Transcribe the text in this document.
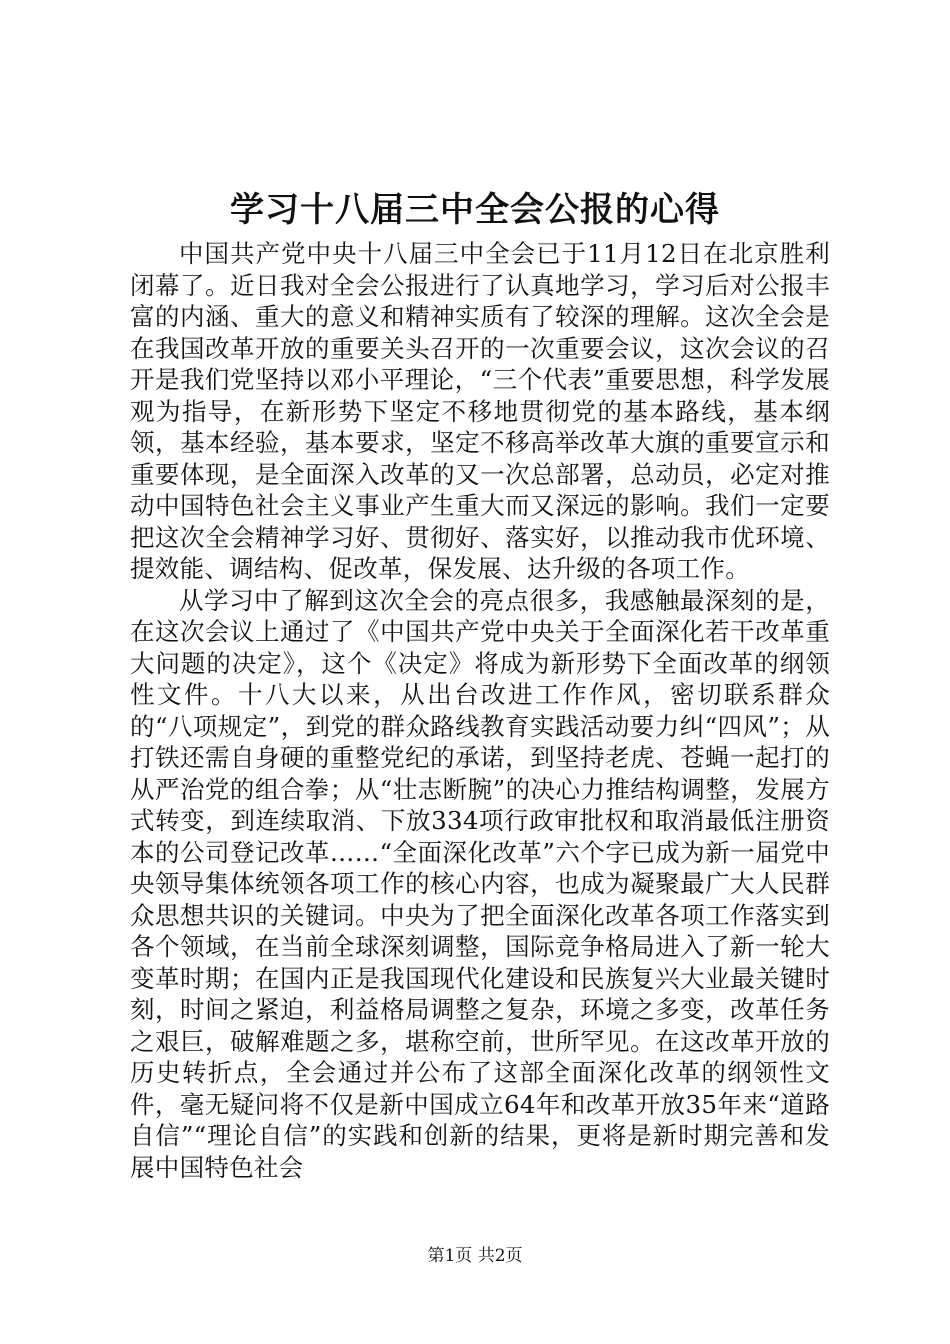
学习十八届三中全会公报的心得

中国共产党中央十八届三中全会已于11月12日在北京胜利闭幕了。近日我对全会公报进行了认真地学习，学习后对公报丰富的内涵、重大的意义和精神实质有了较深的理解。这次全会是在我国改革开放的重要关头召开的一次重要会议，这次会议的召开是我们党坚持以邓小平理论，“三个代表”重要思想，科学发展观为指导，在新形势下坚定不移地贯彻党的基本路线，基本纲领，基本经验，基本要求，坚定不移高举改革大旗的重要宣示和重要体现，是全面深入改革的又一次总部署，总动员，必定对推动中国特色社会主义事业产生重大而又深远的影响。我们一定要把这次全会精神学习好、贯彻好、落实好，以推动我市优环境、提效能、调结构、促改革，保发展、达升级的各项工作。

从学习中了解到这次全会的亮点很多，我感触最深刻的是，在这次会议上通过了《中国共产党中央关于全面深化若干改革重大问题的决定》，这个《决定》将成为新形势下全面改革的纲领性文件。十八大以来，从出台改进工作作风，密切联系群众的“八项规定”，到党的群众路线教育实践活动要力纠“四风”；从打铁还需自身硬的重整党纪的承诺，到坚持老虎、苍蝇一起打的从严治党的组合拳；从“壮志断腕”的决心力推结构调整，发展方式转变，到连续取消、下放334项行政审批权和取消最低注册资本的公司登记改革……“全面深化改革”六个字已成为新一届党中央领导集体统领各项工作的核心内容，也成为凝聚最广大人民群众思想共识的关键词。中央为了把全面深化改革各项工作落实到各个领域，在当前全球深刻调整，国际竞争格局进入了新一轮大变革时期；在国内正是我国现代化建设和民族复兴大业最关键时刻，时间之紧迫，利益格局调整之复杂，环境之多变，改革任务之艰巨，破解难题之多，堪称空前，世所罕见。在这改革开放的历史转折点，全会通过并公布了这部全面深化改革的纲领性文件，毫无疑问将不仅是新中国成立64年和改革开放35年来“道路自信”“理论自信”的实践和创新的结果，更将是新时期完善和发展中国特色社会

第1页 共2页
